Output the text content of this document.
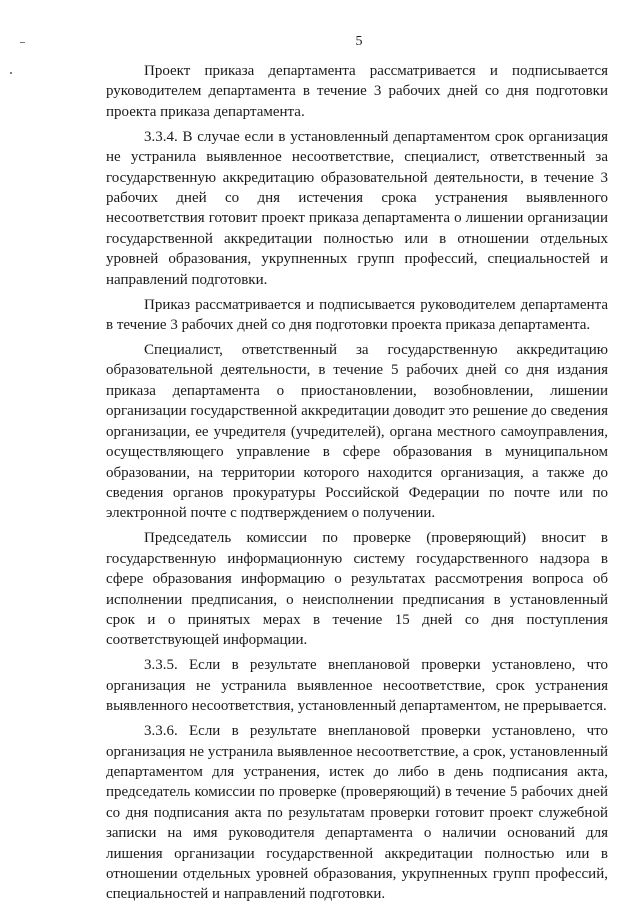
5

Проект приказа департамента рассматривается и подписывается руководителем департамента в течение 3 рабочих дней со дня подготовки проекта приказа департамента.

3.3.4. В случае если в установленный департаментом срок организация не устранила выявленное несоответствие, специалист, ответственный за государственную аккредитацию образовательной деятельности, в течение 3 рабочих дней со дня истечения срока устранения выявленного несоответствия готовит проект приказа департамента о лишении организации государственной аккредитации полностью или в отношении отдельных уровней образования, укрупненных групп профессий, специальностей и направлений подготовки.

Приказ рассматривается и подписывается руководителем департамента в течение 3 рабочих дней со дня подготовки проекта приказа департамента.

Специалист, ответственный за государственную аккредитацию образовательной деятельности, в течение 5 рабочих дней со дня издания приказа департамента о приостановлении, возобновлении, лишении организации государственной аккредитации доводит это решение до сведения организации, ее учредителя (учредителей), органа местного самоуправления, осуществляющего управление в сфере образования в муниципальном образовании, на территории которого находится организация, а также до сведения органов прокуратуры Российской Федерации по почте или по электронной почте с подтверждением о получении.

Председатель комиссии по проверке (проверяющий) вносит в государственную информационную систему государственного надзора в сфере образования информацию о результатах рассмотрения вопроса об исполнении предписания, о неисполнении предписания в установленный срок и о принятых мерах в течение 15 дней со дня поступления соответствующей информации.

3.3.5. Если в результате внеплановой проверки установлено, что организация не устранила выявленное несоответствие, срок устранения выявленного несоответствия, установленный департаментом, не прерывается.

3.3.6. Если в результате внеплановой проверки установлено, что организация не устранила выявленное несоответствие, а срок, установленный департаментом для устранения, истек до либо в день подписания акта, председатель комиссии по проверке (проверяющий) в течение 5 рабочих дней со дня подписания акта по результатам проверки готовит проект служебной записки на имя руководителя департамента о наличии оснований для лишения организации государственной аккредитации полностью или в отношении отдельных уровней образования, укрупненных групп профессий, специальностей и направлений подготовки.
